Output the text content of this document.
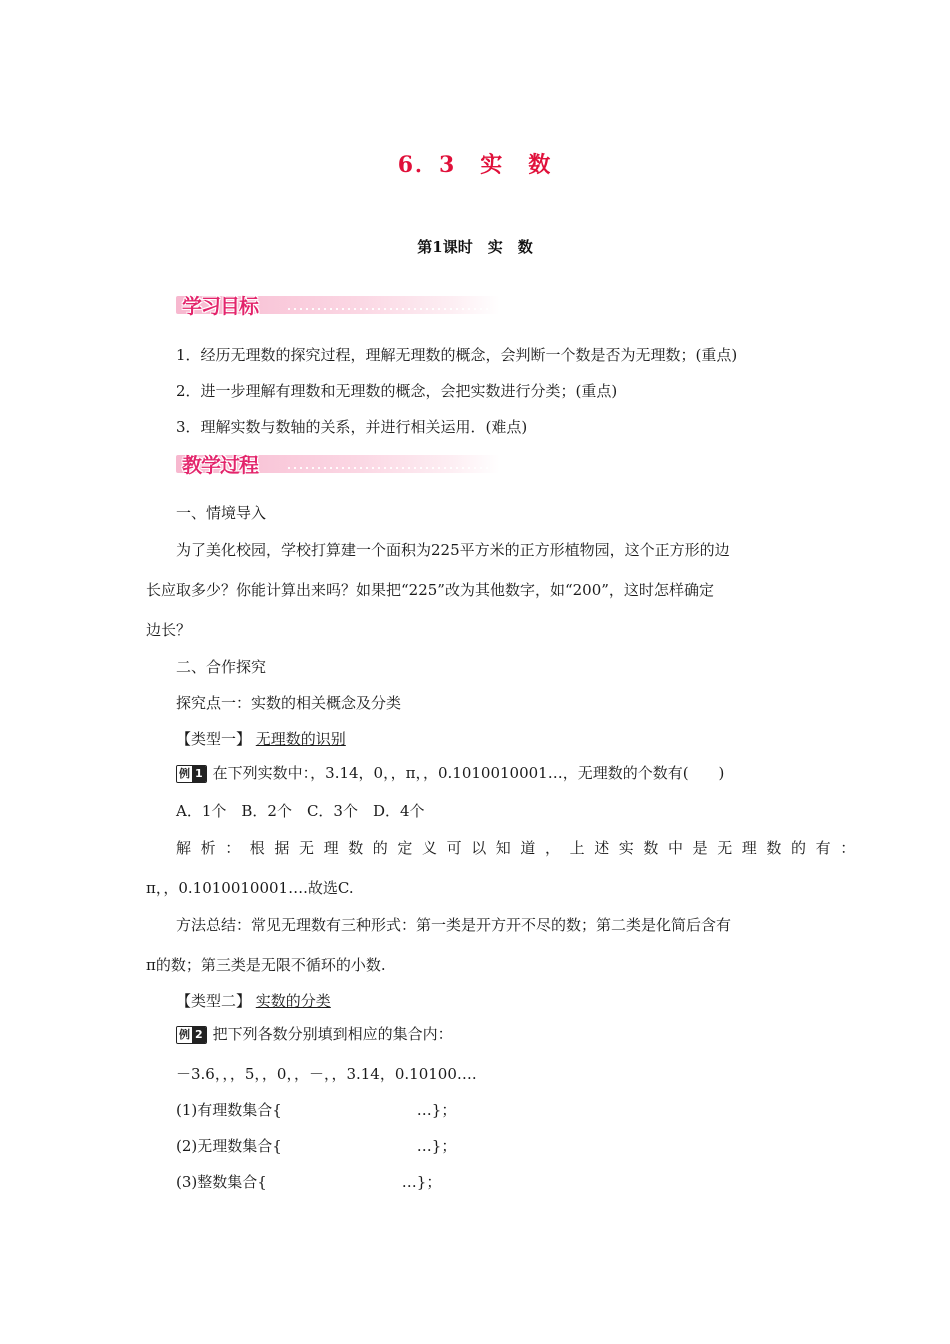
6．3　实　数
第1课时　实　数
学习目标
1．经历无理数的探究过程，理解无理数的概念，会判断一个数是否为无理数；(重点)
2．进一步理解有理数和无理数的概念，会把实数进行分类；(重点)
3．理解实数与数轴的关系，并进行相关运用．(难点)
教学过程
一、情境导入
为了美化校园，学校打算建一个面积为225平方米的正方形植物园，这个正方形的边
长应取多少？你能计算出来吗？如果把“225”改为其他数字，如“200”，这时怎样确定
边长？
二、合作探究
探究点一：实数的相关概念及分类
【类型一】 无理数的识别
例 1 在下列实数中：，3.14，0，，π，，0.1010010001…，无理数的个数有(　　)
A．1个　B．2个　C．3个　D．4个
解析：根据无理数的定义可以知道，上述实数中是无理数的有：
π，，0.1010010001….故选C.
方法总结：常见无理数有三种形式：第一类是开方开不尽的数；第二类是化简后含有
π的数；第三类是无限不循环的小数.
【类型二】 实数的分类
例 2 把下列各数分别填到相应的集合内：
－3.6，，，5，，0，，－，，3.14，0.10100….
(1)有理数集合{　　　　　　　　　…}；
(2)无理数集合{　　　　　　　　　…}；
(3)整数集合{　　　　　　　　　…}；
